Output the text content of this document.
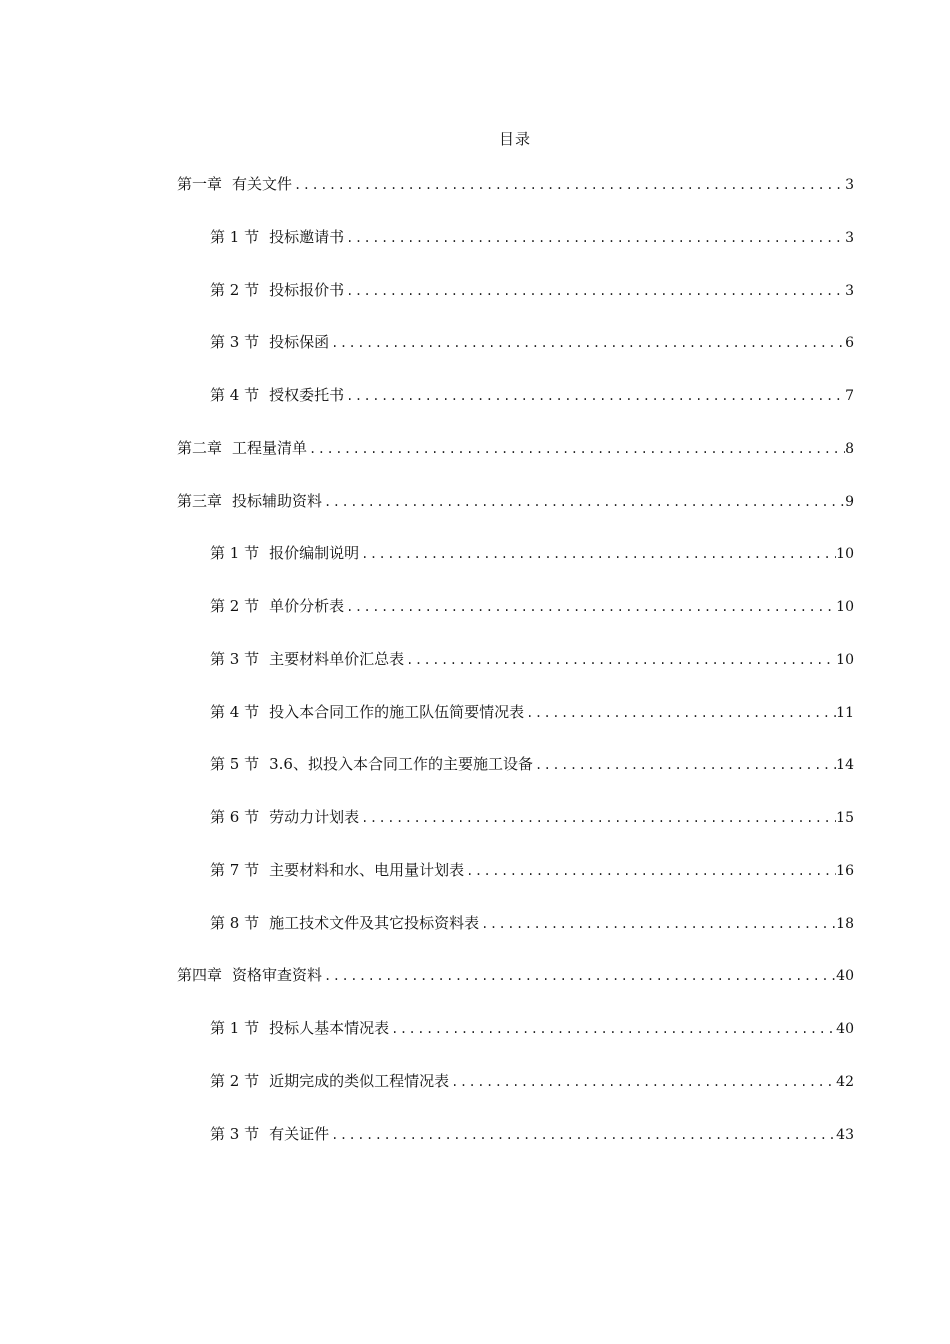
目录
第一章 有关文件 .....	3
第 1 节 投标邀请书 .....	3
第 2 节 投标报价书 .....	3
第 3 节 投标保函 .....	6
第 4 节 授权委托书 .....	7
第二章 工程量清单 .....	8
第三章 投标辅助资料 .....	9
第 1 节 报价编制说明 .....	10
第 2 节 单价分析表 .....	10
第 3 节 主要材料单价汇总表 .....	10
第 4 节 投入本合同工作的施工队伍简要情况表 .....	11
第 5 节 3.6、拟投入本合同工作的主要施工设备 .....	14
第 6 节 劳动力计划表 .....	15
第 7 节 主要材料和水、电用量计划表 .....	16
第 8 节 施工技术文件及其它投标资料表 .....	18
第四章 资格审查资料 .....	40
第 1 节 投标人基本情况表 .....	40
第 2 节 近期完成的类似工程情况表 .....	42
第 3 节 有关证件 .....	43
